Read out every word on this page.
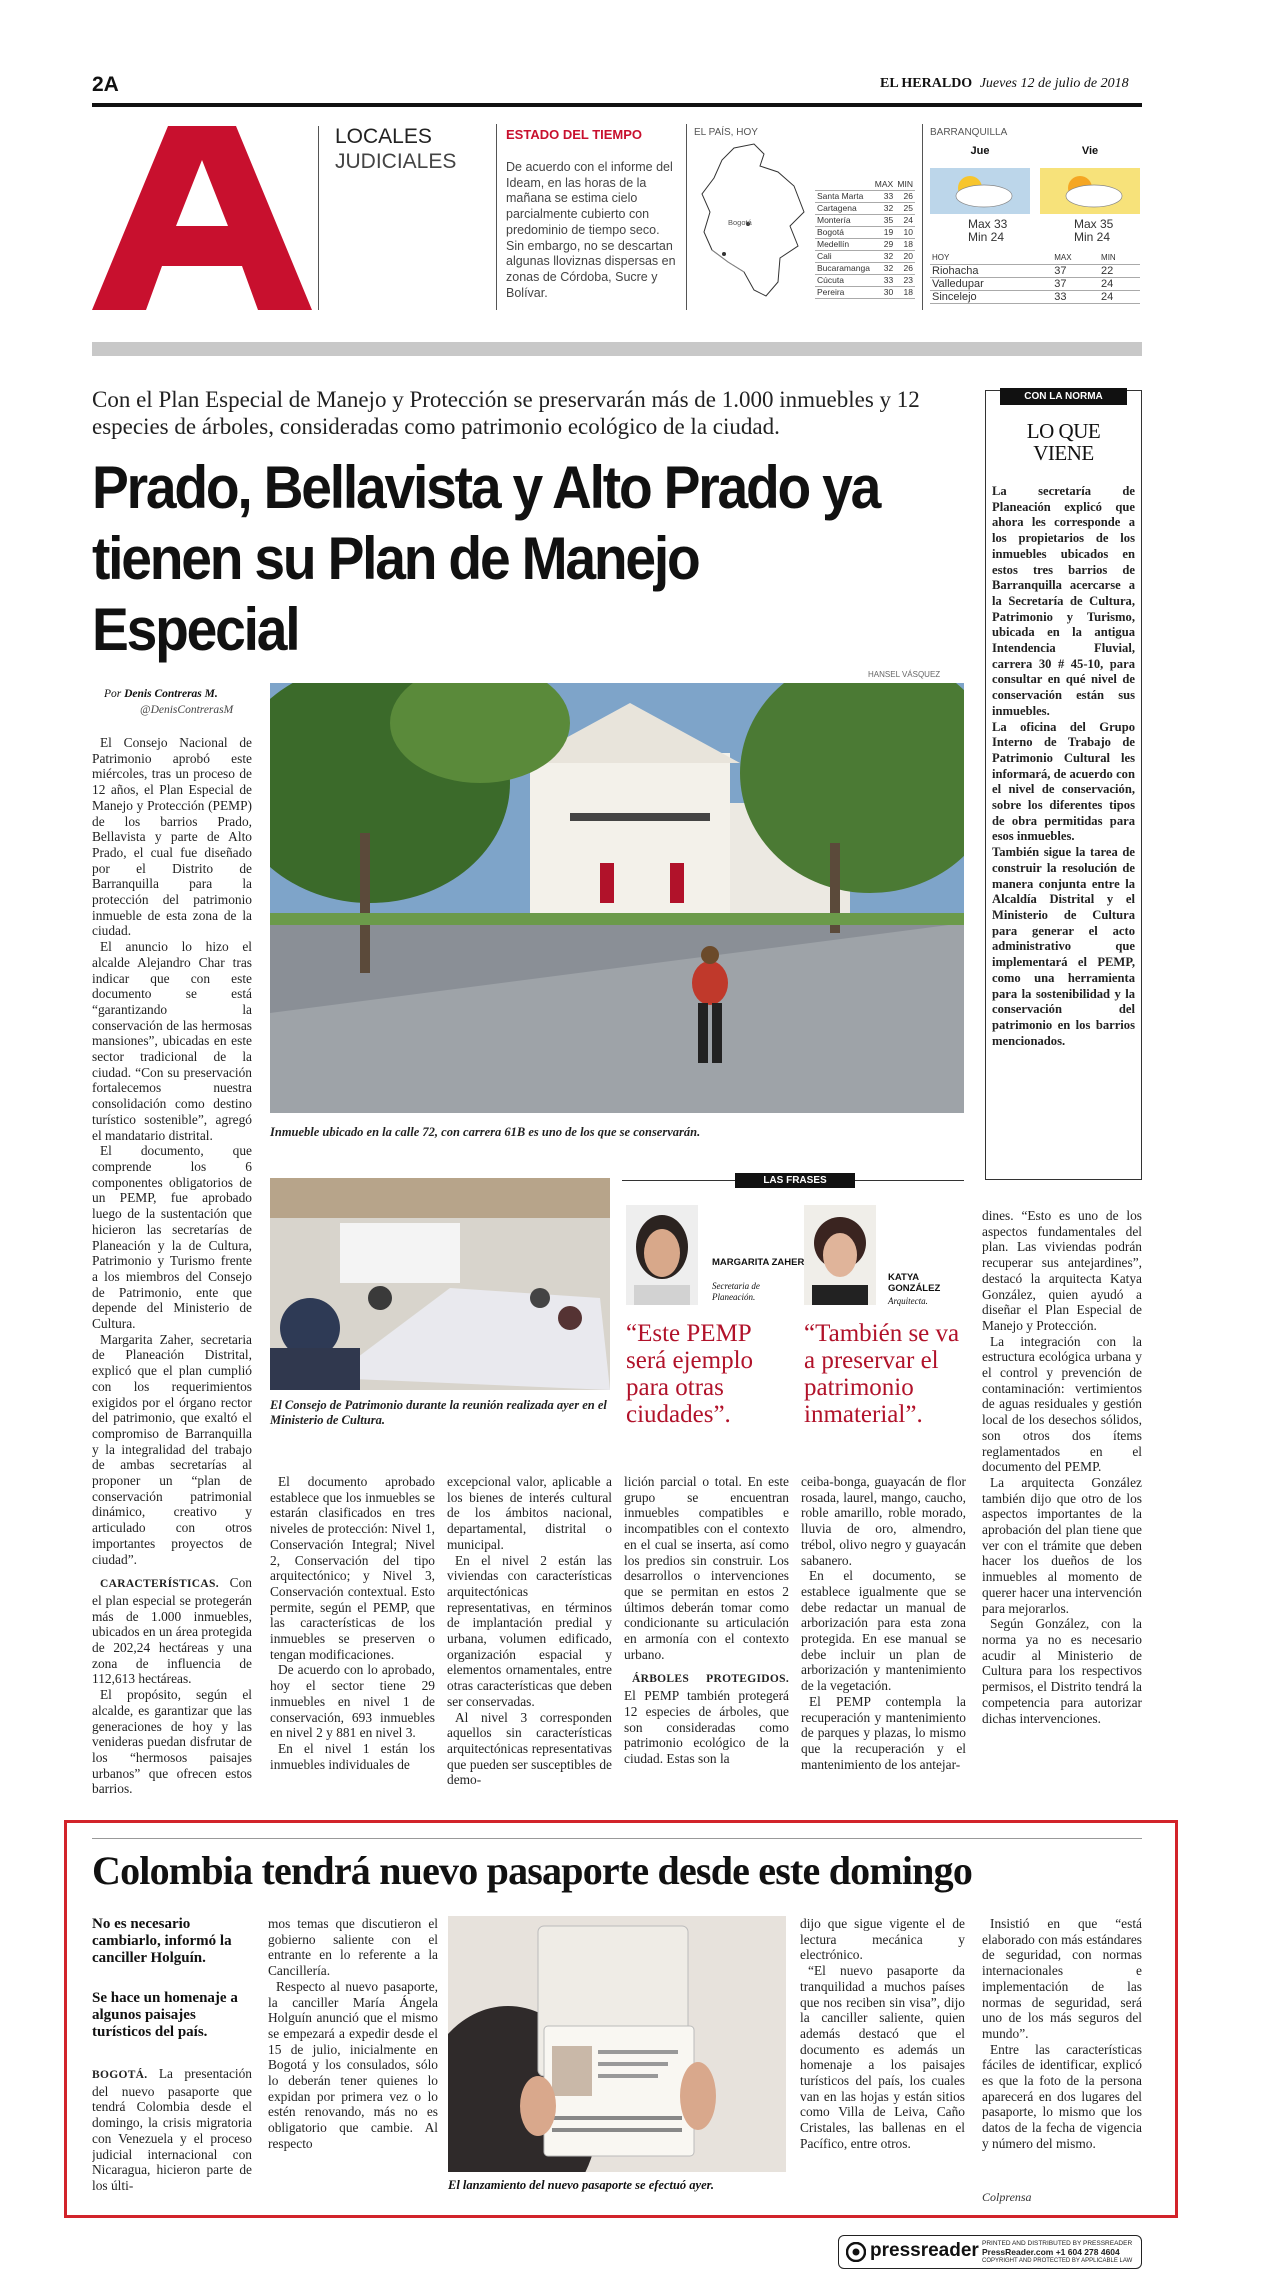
2A	EL HERALDO Jueves 12 de julio de 2018
LOCALES
JUDICIALES
ESTADO DEL TIEMPO
De acuerdo con el informe del Ideam, en las horas de la mañana se estima cielo parcialmente cubierto con predominio de tiempo seco. Sin embargo, no se descartan algunas lloviznas dispersas en zonas de Córdoba, Sucre y Bolívar.
EL PAÍS, HOY
Bogotá
	MAX	MIN
Santa Marta	33	26
Cartagena	32	25
Montería	35	24
Bogotá	19	10
Medellín	29	18
Cali	32	20
Bucaramanga	32	26
Cúcuta	33	23
Pereira	30	18
BARRANQUILLA
Jue	Vie
Max 33
Min 24
Max 35
Min 24
HOY	MAX	MIN
Riohacha	37	22
Valledupar	37	24
Sincelejo	33	24
Con el Plan Especial de Manejo y Protección se preservarán más de 1.000 inmuebles y 12 especies de árboles, consideradas como patrimonio ecológico de la ciudad.
Prado, Bellavista y Alto Prado ya tienen su Plan de Manejo Especial
CON LA NORMA
LO QUE VIENE

La secretaría de Planeación explicó que ahora les corresponde a los propietarios de los inmuebles ubicados en estos tres barrios de Barranquilla acercarse a la Secretaría de Cultura, Patrimonio y Turismo, ubicada en la antigua Intendencia Fluvial, carrera 30 # 45-10, para consultar en qué nivel de conservación están sus inmuebles.

La oficina del Grupo Interno de Trabajo de Patrimonio Cultural les informará, de acuerdo con el nivel de conservación, sobre los diferentes tipos de obra permitidas para esos inmuebles.

También sigue la tarea de construir la resolución de manera conjunta entre la Alcaldía Distrital y el Ministerio de Cultura para generar el acto administrativo que implementará el PEMP, como una herramienta para la sostenibilidad y la conservación del patrimonio en los barrios mencionados.

Por Denis Contreras M.
@DenisContrerasM

El Consejo Nacional de Patrimonio aprobó este miércoles, tras un proceso de 12 años, el Plan Especial de Manejo y Protección (PEMP) de los barrios Prado, Bellavista y parte de Alto Prado, el cual fue diseñado por el Distrito de Barranquilla para la protección del patrimonio inmueble de esta zona de la ciudad.

El anuncio lo hizo el alcalde Alejandro Char tras indicar que con este documento se está “garantizando la conservación de las hermosas mansiones”, ubicadas en este sector tradicional de la ciudad. “Con su preservación fortalecemos nuestra consolidación como destino turístico sostenible”, agregó el mandatario distrital.

El documento, que comprende los 6 componentes obligatorios de un PEMP, fue aprobado luego de la sustentación que hicieron las secretarías de Planeación y la de Cultura, Patrimonio y Turismo frente a los miembros del Consejo de Patrimonio, ente que depende del Ministerio de Cultura.

Margarita Zaher, secretaria de Planeación Distrital, explicó que el plan cumplió con los requerimientos exigidos por el órgano rector del patrimonio, que exaltó el compromiso de Barranquilla y la integralidad del trabajo de ambas secretarías al proponer un “plan de conservación patrimonial dinámico, creativo y articulado con otros importantes proyectos de ciudad”.

CARACTERÍSTICAS. Con el plan especial se protegerán más de 1.000 inmuebles, ubicados en un área protegida de 202,24 hectáreas y una zona de influencia de 112,613 hectáreas.

El propósito, según el alcalde, es garantizar que las generaciones de hoy y las venideras puedan disfrutar de los “hermosos paisajes urbanos” que ofrecen estos barrios.

HANSEL VÁSQUEZ
Inmueble ubicado en la calle 72, con carrera 61B es uno de los que se conservarán.
El Consejo de Patrimonio durante la reunión realizada ayer en el Ministerio de Cultura.
LAS FRASES
MARGARITA ZAHER
Secretaria de Planeación.
“Este PEMP será ejemplo para otras ciudades”.
KATYA GONZÁLEZ
Arquitecta.
“También se va a preservar el patrimonio inmaterial”.

dines. “Esto es uno de los aspectos fundamentales del plan. Las viviendas podrán recuperar sus antejardines”, destacó la arquitecta Katya González, quien ayudó a diseñar el Plan Especial de Manejo y Protección.

La integración con la estructura ecológica urbana y el control y prevención de contaminación: vertimientos de aguas residuales y gestión local de los desechos sólidos, son otros dos ítems reglamentados en el documento del PEMP.

La arquitecta González también dijo que otro de los aspectos importantes de la aprobación del plan tiene que ver con el trámite que deben hacer los dueños de los inmuebles al momento de querer hacer una intervención para mejorarlos.

Según González, con la norma ya no es necesario acudir al Ministerio de Cultura para los respectivos permisos, el Distrito tendrá la competencia para autorizar dichas intervenciones.

El documento aprobado establece que los inmuebles se estarán clasificados en tres niveles de protección: Nivel 1, Conservación Integral; Nivel 2, Conservación del tipo arquitectónico; y Nivel 3, Conservación contextual. Esto permite, según el PEMP, que las características de los inmuebles se preserven o tengan modificaciones.

De acuerdo con lo aprobado, hoy el sector tiene 29 inmuebles en nivel 1 de conservación, 693 inmuebles en nivel 2 y 881 en nivel 3.

En el nivel 1 están los inmuebles individuales de

excepcional valor, aplicable a los bienes de interés cultural de los ámbitos nacional, departamental, distrital o municipal.

En el nivel 2 están las viviendas con características arquitectónicas representativas, en términos de implantación predial y urbana, volumen edificado, organización espacial y elementos ornamentales, entre otras características que deben ser conservadas.

Al nivel 3 corresponden aquellos sin características arquitectónicas representativas que pueden ser susceptibles de demo-

lición parcial o total. En este grupo se encuentran inmuebles compatibles e incompatibles con el contexto en el cual se inserta, así como los predios sin construir. Los desarrollos o intervenciones que se permitan en estos 2 últimos deberán tomar como condicionante su articulación en armonía con el contexto urbano.

ÁRBOLES PROTEGIDOS. El PEMP también protegerá 12 especies de árboles, que son consideradas como patrimonio ecológico de la ciudad. Estas son la

ceiba-bonga, guayacán de flor rosada, laurel, mango, caucho, roble amarillo, roble morado, lluvia de oro, almendro, trébol, olivo negro y guayacán sabanero.

En el documento, se establece igualmente que se debe redactar un manual de arborización para esta zona protegida. En ese manual se debe incluir un plan de arborización y mantenimiento de la vegetación.

El PEMP contempla la recuperación y mantenimiento de parques y plazas, lo mismo que la recuperación y el mantenimiento de los antejar-

Colombia tendrá nuevo pasaporte desde este domingo
No es necesario cambiarlo, informó la canciller Holguín.
Se hace un homenaje a algunos paisajes turísticos del país.

BOGOTÁ. La presentación del nuevo pasaporte que tendrá Colombia desde el domingo, la crisis migratoria con Venezuela y el proceso judicial internacional con Nicaragua, hicieron parte de los últi-

mos temas que discutieron el gobierno saliente con el entrante en lo referente a la Cancillería.

Respecto al nuevo pasaporte, la canciller María Ángela Holguín anunció que el mismo se empezará a expedir desde el 15 de julio, inicialmente en Bogotá y los consulados, sólo lo deberán tener quienes lo expidan por primera vez o lo estén renovando, más no es obligatorio que cambie. Al respecto

El lanzamiento del nuevo pasaporte se efectuó ayer.

dijo que sigue vigente el de lectura mecánica y electrónico.

“El nuevo pasaporte da tranquilidad a muchos países que nos reciben sin visa”, dijo la canciller saliente, quien además destacó que el documento es además un homenaje a los paisajes turísticos del país, los cuales van en las hojas y están sitios como Villa de Leiva, Caño Cristales, las ballenas en el Pacífico, entre otros.

Insistió en que “está elaborado con más estándares de seguridad, con normas internacionales e implementación de las normas de seguridad, será uno de los más seguros del mundo”.

Entre las características fáciles de identificar, explicó es que la foto de la persona aparecerá en dos lugares del pasaporte, lo mismo que los datos de la fecha de vigencia y número del mismo.

Colprensa
pressreader PRINTED AND DISTRIBUTED BY PRESSREADER
PressReader.com +1 604 278 4604
COPYRIGHT AND PROTECTED BY APPLICABLE LAW
